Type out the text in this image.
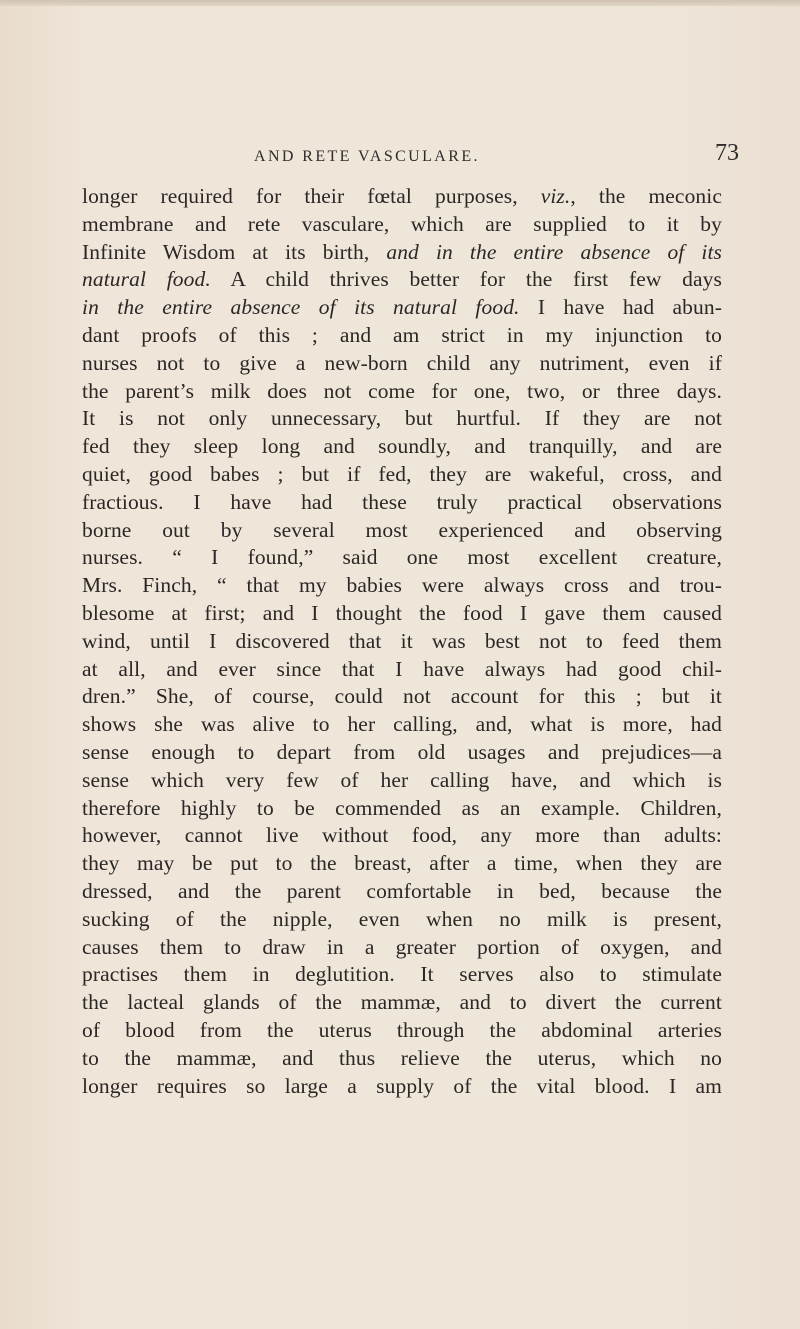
AND RETE VASCULARE.	73
longer required for their fœtal purposes, viz., the meconic
membrane and rete vasculare, which are supplied to it by
Infinite Wisdom at its birth, and in the entire absence of its
natural food. A child thrives better for the first few days
in the entire absence of its natural food. I have had abun-
dant proofs of this ; and am strict in my injunction to
nurses not to give a new-born child any nutriment, even if
the parent’s milk does not come for one, two, or three days.
It is not only unnecessary, but hurtful. If they are not
fed they sleep long and soundly, and tranquilly, and are
quiet, good babes ; but if fed, they are wakeful, cross, and
fractious. I have had these truly practical observations
borne out by several most experienced and observing
nurses. “ I found,” said one most excellent creature,
Mrs. Finch, “ that my babies were always cross and trou-
blesome at first; and I thought the food I gave them caused
wind, until I discovered that it was best not to feed them
at all, and ever since that I have always had good chil-
dren.” She, of course, could not account for this ; but it
shows she was alive to her calling, and, what is more, had
sense enough to depart from old usages and prejudices—a
sense which very few of her calling have, and which is
therefore highly to be commended as an example. Children,
however, cannot live without food, any more than adults:
they may be put to the breast, after a time, when they are
dressed, and the parent comfortable in bed, because the
sucking of the nipple, even when no milk is present,
causes them to draw in a greater portion of oxygen, and
practises them in deglutition. It serves also to stimulate
the lacteal glands of the mammæ, and to divert the current
of blood from the uterus through the abdominal arteries
to the mammæ, and thus relieve the uterus, which no
longer requires so large a supply of the vital blood. I am
